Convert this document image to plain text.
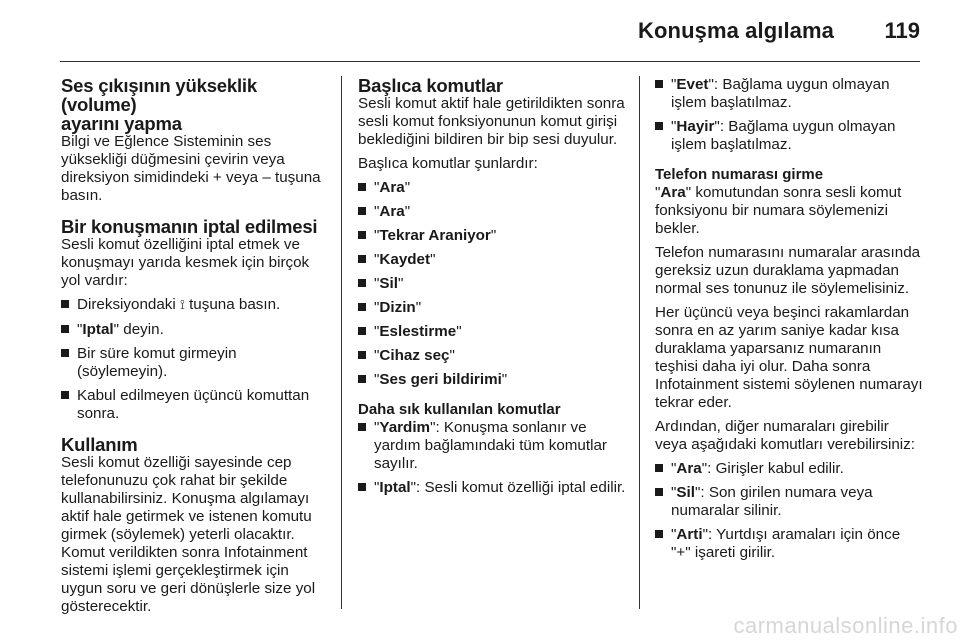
Konuşma algılama 119
Ses çıkışının yükseklik (volume)
ayarını yapma

Bilgi ve Eğlence Sisteminin ses yüksekliği düğmesini çevirin veya direksiyon simidindeki + veya – tuşuna basın.

Bir konuşmanın iptal edilmesi

Sesli komut özelliğini iptal etmek ve konuşmayı yarıda kesmek için birçok yol vardır:

Direksiyondaki ⟟ tuşuna basın.
"Iptal" deyin.
Bir süre komut girmeyin (söylemeyin).
Kabul edilmeyen üçüncü komuttan sonra.
Kullanım

Sesli komut özelliği sayesinde cep telefonunuzu çok rahat bir şekilde kullanabilirsiniz. Konuşma algılamayı aktif hale getirmek ve istenen komutu girmek (söylemek) yeterli olacaktır. Komut verildikten sonra Infotainment sistemi işlemi gerçekleştirmek için uygun soru ve geri dönüşlerle size yol gösterecektir.

Başlıca komutlar

Sesli komut aktif hale getirildikten sonra sesli komut fonksiyonunun komut girişi beklediğini bildiren bir bip sesi duyulur.

Başlıca komutlar şunlardır:

"Ara"
"Ara"
"Tekrar Araniyor"
"Kaydet"
"Sil"
"Dizin"
"Eslestirme"
"Cihaz seç"
"Ses geri bildirimi"
Daha sık kullanılan komutlar
"Yardim": Konuşma sonlanır ve yardım bağlamındaki tüm komutlar sayılır.
"Iptal": Sesli komut özelliği iptal edilir.
"Evet": Bağlama uygun olmayan işlem başlatılmaz.
"Hayir": Bağlama uygun olmayan işlem başlatılmaz.
Telefon numarası girme

"Ara" komutundan sonra sesli komut fonksiyonu bir numara söylemenizi bekler.

Telefon numarasını numaralar arasında gereksiz uzun duraklama yapmadan normal ses tonunuz ile söylemelisiniz.

Her üçüncü veya beşinci rakamlardan sonra en az yarım saniye kadar kısa duraklama yaparsanız numaranın teşhisi daha iyi olur. Daha sonra Infotainment sistemi söylenen numarayı tekrar eder.

Ardından, diğer numaraları girebilir veya aşağıdaki komutları verebilirsiniz:

"Ara": Girişler kabul edilir.
"Sil": Son girilen numara veya numaralar silinir.
"Arti": Yurtdışı aramaları için önce "+" işareti girilir.
carmanualsonline.info
